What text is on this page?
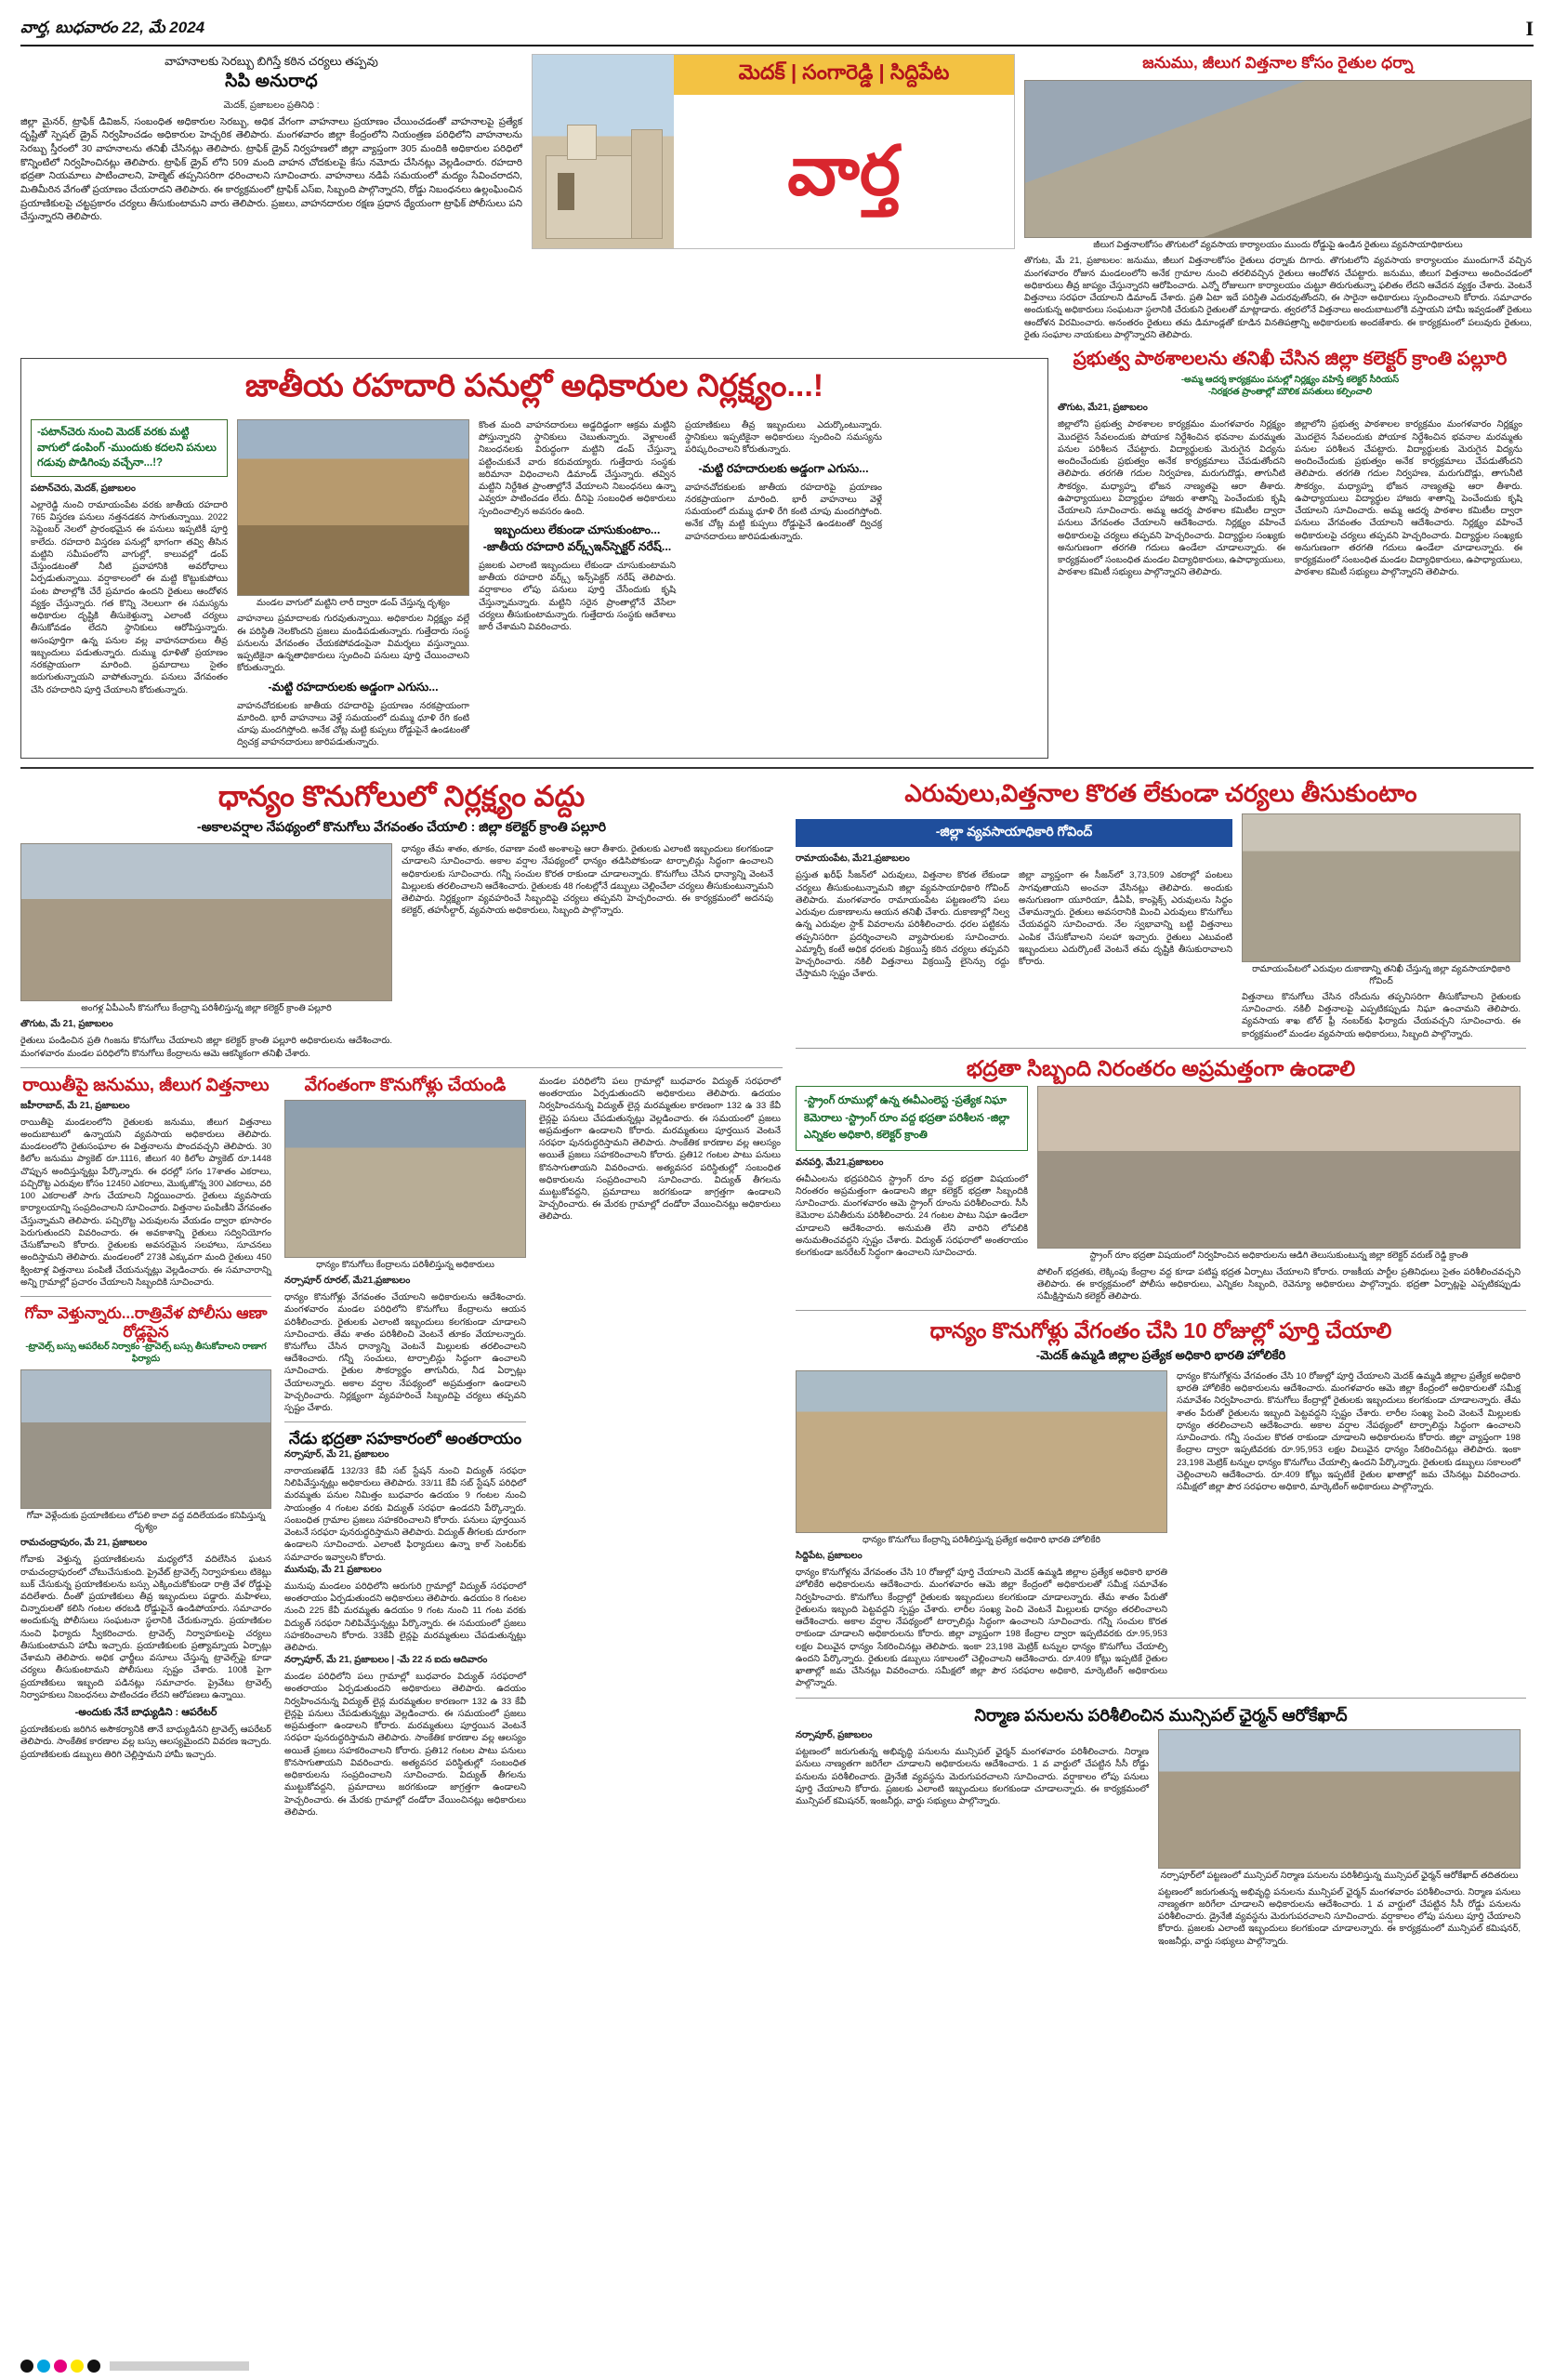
వార్త, బుధవారం 22, మే 2024	I
వాహనాలకు సెరబ్బు బిగిస్తే కఠిన చర్యలు తప్పవు
సిపి అనురాధ
మెదక్, ప్రజాబలం ప్రతినిధి :
జిల్లా మైనర్, ట్రాఫిక్ డివిజన్, సంబంధిత అధికారుల సెరబ్బు, అధిక వేగంగా వాహనాలు ప్రయాణం చేయించడంతో వాహనాలపై ప్రత్యేక దృష్టితో స్పెషల్ డ్రైవ్ నిర్వహించడం అధికారుల హెచ్చరిక తెలిపారు. మంగళవారం జిల్లా కేంద్రంలోని నియంత్రణ పరిధిలోని వాహనాలను సెరబ్బు స్తీరంలో 30 వాహనాలను తనిఖీ చేసినట్లు తెలిపారు. ట్రాఫిక్ డ్రైవ్ నిర్వహణలో జిల్లా వ్యాప్తంగా 305 మందికి అధికారుల పరిధిలో కొన్నింటిలో నిర్వహించినట్లు తెలిపారు. ట్రాఫిక్ డ్రైవ్ లోని 509 మంది వాహన చోదకులపై కేసు నమోదు చేసినట్లు వెల్లడించారు. రహదారి భద్రతా నియమాలు పాటించాలని, హెల్మెట్ తప్పనిసరిగా ధరించాలని సూచించారు. వాహనాలు నడిపే సమయంలో మద్యం సేవించరాదని, మితిమీరిన వేగంతో ప్రయాణం చేయరాదని తెలిపారు. ఈ కార్యక్రమంలో ట్రాఫిక్ ఎస్ఐ, సిబ్బంది పాల్గొన్నారని, రోడ్డు నిబంధనలు ఉల్లంఘించిన ప్రయాణికులపై చట్టప్రకారం చర్యలు తీసుకుంటామని వారు తెలిపారు. ప్రజలు, వాహనదారుల రక్షణ ప్రధాన ధ్యేయంగా ట్రాఫిక్ పోలీసులు పని చేస్తున్నారని తెలిపారు.
మెదక్ | సంగారెడ్డి | సిద్దిపేట
వార్త
జనుము, జీలుగ విత్తనాల కోసం రైతుల ధర్నా
జీలుగ విత్తనాలకోసం తొగుటలో వ్యవసాయ కార్యాలయం ముందు రోడ్డుపై ఉండిన రైతులు వ్యవసాయాధికారులు
తొగుట, మే 21, ప్రజాబలం: జనుము, జీలుగ విత్తనాలకోసం రైతులు ధర్నాకు దిగారు. తొగుటలోని వ్యవసాయ కార్యాలయం ముందుగానే వచ్చిన మంగళవారం రోజున మండలంలోని అనేక గ్రామాల నుంచి తరలివచ్చిన రైతులు ఆందోళన చేపట్టారు. జనుము, జీలుగ విత్తనాలు అందించడంలో అధికారులు తీవ్ర జాప్యం చేస్తున్నారని ఆరోపించారు. ఎన్నో రోజులుగా కార్యాలయం చుట్టూ తిరుగుతున్నా ఫలితం లేదని ఆవేదన వ్యక్తం చేశారు. వెంటనే విత్తనాలు సరఫరా చేయాలని డిమాండ్ చేశారు. ప్రతి ఏటా ఇదే పరిస్థితి ఎదురవుతోందని, ఈ సారైనా అధికారులు స్పందించాలని కోరారు. సమాచారం అందుకున్న అధికారులు సంఘటనా స్థలానికి చేరుకుని రైతులతో మాట్లాడారు. త్వరలోనే విత్తనాలు అందుబాటులోకి వస్తాయని హామీ ఇవ్వడంతో రైతులు ఆందోళన విరమించారు. అనంతరం రైతులు తమ డిమాండ్లతో కూడిన వినతిపత్రాన్ని అధికారులకు అందజేశారు. ఈ కార్యక్రమంలో పలువురు రైతులు, రైతు సంఘాల నాయకులు పాల్గొన్నారని తెలిపారు.
జాతీయ రహదారి పనుల్లో అధికారుల నిర్లక్ష్యం...!
-పటాన్‌చెరు నుంచి మెదక్ వరకు మట్టి వాగులో డంపింగ్ -ముందుకు కదలని పనులు గడువు పొడిగింపు వచ్చేనా...!?
పటాన్‌చెరు, మెదక్, ప్రజాబలం
ఎల్లారెడ్డి నుంచి రామాయంపేట వరకు జాతీయ రహదారి 765 విస్తరణ పనులు నత్తనడకన సాగుతున్నాయి. 2022 సెప్టెంబర్ నెలలో ప్రారంభమైన ఈ పనులు ఇప్పటికీ పూర్తి కాలేదు. రహదారి విస్తరణ పనుల్లో భాగంగా తవ్వి తీసిన మట్టిని సమీపంలోని వాగుల్లో, కాలువల్లో డంప్ చేస్తుండటంతో నీటి ప్రవాహానికి అవరోధాలు ఏర్పడుతున్నాయి. వర్షాకాలంలో ఈ మట్టి కొట్టుకుపోయి పంట పొలాల్లోకి చేరే ప్రమాదం ఉందని రైతులు ఆందోళన వ్యక్తం చేస్తున్నారు. గత కొన్ని నెలలుగా ఈ సమస్యను అధికారుల దృష్టికి తీసుకెళ్తున్నా ఎలాంటి చర్యలు తీసుకోవడం లేదని స్థానికులు ఆరోపిస్తున్నారు. అసంపూర్తిగా ఉన్న పనుల వల్ల వాహనదారులు తీవ్ర ఇబ్బందులు పడుతున్నారు. దుమ్ము ధూళితో ప్రయాణం నరకప్రాయంగా మారింది. ప్రమాదాలు సైతం జరుగుతున్నాయని వాపోతున్నారు. పనులు వేగవంతం చేసి రహదారిని పూర్తి చేయాలని కోరుతున్నారు.
మండల వాగులో మట్టిని లారీ ద్వారా డంప్ చేస్తున్న దృశ్యం
వాహనాలు ప్రమాదాలకు గురవుతున్నాయి. అధికారుల నిర్లక్ష్యం వల్లే ఈ పరిస్థితి నెలకొందని ప్రజలు మండిపడుతున్నారు. గుత్తేదారు సంస్థ పనులను వేగవంతం చేయకపోవడంపైనా విమర్శలు వస్తున్నాయి. ఇప్పటికైనా ఉన్నతాధికారులు స్పందించి పనులు పూర్తి చేయించాలని కోరుతున్నారు.
-మట్టి రహదారులకు అడ్డంగా ఎగుసు...
వాహనచోదకులకు జాతీయ రహదారిపై ప్రయాణం నరకప్రాయంగా మారింది. భారీ వాహనాలు వెళ్లే సమయంలో దుమ్ము ధూళి రేగి కంటి చూపు మందగిస్తోంది. అనేక చోట్ల మట్టి కుప్పలు రోడ్డుపైనే ఉండటంతో ద్విచక్ర వాహనదారులు జారిపడుతున్నారు.
కొంత మంది వాహనదారులు అడ్డదిడ్డంగా ఆక్రమ మట్టిని పోస్తున్నారని స్థానికులు చెబుతున్నారు. వెళ్లాలంటే నిబంధనలకు విరుద్ధంగా మట్టిని డంప్ చేస్తున్నా పట్టించుకునే వారు కరువయ్యారు. గుత్తేదారు సంస్థకు జరిమానా విధించాలని డిమాండ్ చేస్తున్నారు. తవ్విన మట్టిని నిర్దేశిత ప్రాంతాల్లోనే వేయాలని నిబంధనలు ఉన్నా ఎవ్వరూ పాటించడం లేదు. దీనిపై సంబంధిత అధికారులు స్పందించాల్సిన అవసరం ఉంది.
ఇబ్బందులు లేకుండా చూసుకుంటాం... -జాతీయ రహదారి వర్క్స్‌ఇన్‌స్పెక్టర్ నరేష్...
ప్రజలకు ఎలాంటి ఇబ్బందులు లేకుండా చూసుకుంటామని జాతీయ రహదారి వర్క్స్ ఇన్స్‌పెక్టర్ నరేష్ తెలిపారు. వర్షాకాలం లోపు పనులు పూర్తి చేసేందుకు కృషి చేస్తున్నామన్నారు. మట్టిని సరైన ప్రాంతాల్లోనే వేసేలా చర్యలు తీసుకుంటామన్నారు. గుత్తేదారు సంస్థకు ఆదేశాలు జారీ చేశామని వివరించారు.
ప్రయాణికులు తీవ్ర ఇబ్బందులు ఎదుర్కొంటున్నారు. స్థానికులు ఇప్పటికైనా అధికారులు స్పందించి సమస్యను పరిష్కరించాలని కోరుతున్నారు.
-మట్టి రహదారులకు అడ్డంగా ఎగుసు...
వాహనచోదకులకు జాతీయ రహదారిపై ప్రయాణం నరకప్రాయంగా మారింది. భారీ వాహనాలు వెళ్లే సమయంలో దుమ్ము ధూళి రేగి కంటి చూపు మందగిస్తోంది. అనేక చోట్ల మట్టి కుప్పలు రోడ్డుపైనే ఉండటంతో ద్విచక్ర వాహనదారులు జారిపడుతున్నారు.
ప్రభుత్వ పాఠశాలలను తనిఖీ చేసిన జిల్లా కలెక్టర్ క్రాంతి పల్లూరి
-అమ్మ ఆదర్శ కార్యక్రమం పనుల్లో నిర్లక్ష్యం వహిస్తే కలెక్టర్ సీరియస్
-నిరక్షరత ప్రాంతాల్లో మౌలిక వసతులు కల్పించాలి
తొగుట, మే21, ప్రజాబలం
జిల్లాలోని ప్రభుత్వ పాఠశాలల కార్యక్రమం మంగళవారం నిర్లక్ష్యం మొదలైన సేవలందుకు పోయాక నిర్దేశించిన భవనాల మరమ్మతు పనుల పరిశీలన చేపట్టారు. విద్యార్థులకు మెరుగైన విద్యను అందించేందుకు ప్రభుత్వం అనేక కార్యక్రమాలు చేపడుతోందని తెలిపారు. తరగతి గదుల నిర్వహణ, మరుగుదొడ్లు, తాగునీటి సౌకర్యం, మధ్యాహ్న భోజన నాణ్యతపై ఆరా తీశారు. ఉపాధ్యాయులు విద్యార్థుల హాజరు శాతాన్ని పెంచేందుకు కృషి చేయాలని సూచించారు. అమ్మ ఆదర్శ పాఠశాల కమిటీల ద్వారా పనులు వేగవంతం చేయాలని ఆదేశించారు. నిర్లక్ష్యం వహించే అధికారులపై చర్యలు తప్పవని హెచ్చరించారు. విద్యార్థుల సంఖ్యకు అనుగుణంగా తరగతి గదులు ఉండేలా చూడాలన్నారు. ఈ కార్యక్రమంలో సంబంధిత మండల విద్యాధికారులు, ఉపాధ్యాయులు, పాఠశాల కమిటీ సభ్యులు పాల్గొన్నారని తెలిపారు.
జిల్లాలోని ప్రభుత్వ పాఠశాలల కార్యక్రమం మంగళవారం నిర్లక్ష్యం మొదలైన సేవలందుకు పోయాక నిర్దేశించిన భవనాల మరమ్మతు పనుల పరిశీలన చేపట్టారు. విద్యార్థులకు మెరుగైన విద్యను అందించేందుకు ప్రభుత్వం అనేక కార్యక్రమాలు చేపడుతోందని తెలిపారు. తరగతి గదుల నిర్వహణ, మరుగుదొడ్లు, తాగునీటి సౌకర్యం, మధ్యాహ్న భోజన నాణ్యతపై ఆరా తీశారు. ఉపాధ్యాయులు విద్యార్థుల హాజరు శాతాన్ని పెంచేందుకు కృషి చేయాలని సూచించారు. అమ్మ ఆదర్శ పాఠశాల కమిటీల ద్వారా పనులు వేగవంతం చేయాలని ఆదేశించారు. నిర్లక్ష్యం వహించే అధికారులపై చర్యలు తప్పవని హెచ్చరించారు. విద్యార్థుల సంఖ్యకు అనుగుణంగా తరగతి గదులు ఉండేలా చూడాలన్నారు. ఈ కార్యక్రమంలో సంబంధిత మండల విద్యాధికారులు, ఉపాధ్యాయులు, పాఠశాల కమిటీ సభ్యులు పాల్గొన్నారని తెలిపారు.
ధాన్యం కొనుగోలులో నిర్లక్ష్యం వద్దు
-అకాలవర్షాల నేపథ్యంలో కొనుగోలు వేగవంతం చేయాలి : జిల్లా కలెక్టర్ క్రాంతి పల్లూరి
అంగళ్ల ఏపీఎంసీ కొనుగోలు కేంద్రాన్ని పరిశీలిస్తున్న జిల్లా కలెక్టర్ క్రాంతి పల్లూరి
తొగుట, మే 21, ప్రజాబలం
రైతులు పండించిన ప్రతి గింజను కొనుగోలు చేయాలని జిల్లా కలెక్టర్ క్రాంతి పల్లూరి అధికారులను ఆదేశించారు. మంగళవారం మండల పరిధిలోని కొనుగోలు కేంద్రాలను ఆమె ఆకస్మికంగా తనిఖీ చేశారు.
ధాన్యం తేమ శాతం, తూకం, రవాణా వంటి అంశాలపై ఆరా తీశారు. రైతులకు ఎలాంటి ఇబ్బందులు కలగకుండా చూడాలని సూచించారు. అకాల వర్షాల నేపథ్యంలో ధాన్యం తడిసిపోకుండా టార్పాలిన్లు సిద్ధంగా ఉంచాలని అధికారులకు సూచించారు. గన్నీ సంచుల కొరత రాకుండా చూడాలన్నారు. కొనుగోలు చేసిన ధాన్యాన్ని వెంటనే మిల్లులకు తరలించాలని ఆదేశించారు. రైతులకు 48 గంటల్లోనే డబ్బులు చెల్లించేలా చర్యలు తీసుకుంటున్నామని తెలిపారు. నిర్లక్ష్యంగా వ్యవహరించే సిబ్బందిపై చర్యలు తప్పవని హెచ్చరించారు. ఈ కార్యక్రమంలో అదనపు కలెక్టర్, తహసీల్దార్, వ్యవసాయ అధికారులు, సిబ్బంది పాల్గొన్నారు.
రాయితీపై జనుము, జీలుగ విత్తనాలు
జహీరాబాద్, మే 21, ప్రజాబలం
రాయితీపై మండలంలోని రైతులకు జనుము, జీలుగ విత్తనాలు అందుబాటులో ఉన్నాయని వ్యవసాయ అధికారులు తెలిపారు. మండలంలోని రైతుసంఘాల ఈ విత్తనాలను పొందవచ్చని తెలిపారు. 30 కిలోల జనుము ప్యాకెట్ రూ.1116, జీలుగ 40 కిలోల ప్యాకెట్ రూ.1448 చొప్పున అందిస్తున్నట్లు పేర్కొన్నారు. ఈ ధరల్లో సగం 17శాతం ఎకరాలు, పచ్చిరొట్ట ఎరువుల కోసం 12450 ఎకరాలు, మొక్కజొన్న 300 ఎకరాలు, వరి 100 ఎకరాలతో సాగు చేయాలని నిర్ణయించారు. రైతులు వ్యవసాయ కార్యాలయాన్ని సంప్రదించాలని సూచించారు. విత్తనాల పంపిణీని వేగవంతం చేస్తున్నామని తెలిపారు. పచ్చిరొట్ట ఎరువులను వేయడం ద్వారా భూసారం పెరుగుతుందని వివరించారు. ఈ అవకాశాన్ని రైతులు సద్వినియోగం చేసుకోవాలని కోరారు. రైతులకు అవసరమైన సలహాలు, సూచనలు అందిస్తామని తెలిపారు. మండలంలో 273కి ఎక్కువగా మంది రైతులు 450 క్వింటాళ్ల విత్తనాలు పంపిణీ చేయనున్నట్లు వెల్లడించారు. ఈ సమాచారాన్ని అన్ని గ్రామాల్లో ప్రచారం చేయాలని సిబ్బందికి సూచించారు.
గోవా వెళ్తున్నారు...రాత్రివేళ పోలీసు ఆణా రోడ్లపైన
-ట్రావెల్స్ బస్సు ఆపరేటర్ నిర్వాకం -ట్రావెల్స్ బస్సు తీసుకోవాలని రాణాగ ఫిర్యాదు
గోవా వెళ్లేందుకు ప్రయాణికులు లోపలి కాలా వద్ద వదిలేయడం కనిపిస్తున్న దృశ్యం
రామచంద్రాపురం, మే 21, ప్రజాబలం
గోవాకు వెళ్తున్న ప్రయాణికులను మధ్యలోనే వదిలేసిన ఘటన రామచంద్రాపురంలో చోటుచేసుకుంది. ప్రైవేట్ ట్రావెల్స్ నిర్వాహకులు టికెట్లు బుక్ చేసుకున్న ప్రయాణికులను బస్సు ఎక్కించుకోకుండా రాత్రి వేళ రోడ్డుపై వదిలేశారు. దీంతో ప్రయాణికులు తీవ్ర ఇబ్బందులు పడ్డారు. మహిళలు, చిన్నారులతో కలిసి గంటల తరబడి రోడ్డుపైనే ఉండిపోయారు. సమాచారం అందుకున్న పోలీసులు సంఘటనా స్థలానికి చేరుకున్నారు. ప్రయాణికుల నుంచి ఫిర్యాదు స్వీకరించారు. ట్రావెల్స్ నిర్వాహకులపై చర్యలు తీసుకుంటామని హామీ ఇచ్చారు. ప్రయాణికులకు ప్రత్యామ్నాయ ఏర్పాట్లు చేశామని తెలిపారు. అధిక ఛార్జీలు వసూలు చేస్తున్న ట్రావెల్స్‌పై కూడా చర్యలు తీసుకుంటామని పోలీసులు స్పష్టం చేశారు. 100కి పైగా ప్రయాణికులు ఇబ్బంది పడినట్లు సమాచారం. ప్రైవేటు ట్రావెల్స్ నిర్వాహకులు నిబంధనలు పాటించడం లేదని ఆరోపణలు ఉన్నాయి.
-అందుకు నేనే బాధ్యుడిని : ఆపరేటర్
ప్రయాణికులకు జరిగిన అసౌకర్యానికి తానే బాధ్యుడినని ట్రావెల్స్ ఆపరేటర్ తెలిపారు. సాంకేతిక కారణాల వల్ల బస్సు ఆలస్యమైందని వివరణ ఇచ్చారు. ప్రయాణికులకు డబ్బులు తిరిగి చెల్లిస్తామని హామీ ఇచ్చారు.
వేగంతంగా కొనుగోళ్లు చేయండి
ధాన్యం కొనుగోలు కేంద్రాలను పరిశీలిస్తున్న అధికారులు
నర్సాపూర్ రూరల్, మే21,ప్రజాబలం
ధాన్యం కొనుగోళ్లు వేగవంతం చేయాలని అధికారులను ఆదేశించారు. మంగళవారం మండల పరిధిలోని కొనుగోలు కేంద్రాలను ఆయన పరిశీలించారు. రైతులకు ఎలాంటి ఇబ్బందులు కలగకుండా చూడాలని సూచించారు. తేమ శాతం పరిశీలించి వెంటనే తూకం వేయాలన్నారు. కొనుగోలు చేసిన ధాన్యాన్ని వెంటనే మిల్లులకు తరలించాలని ఆదేశించారు. గన్నీ సంచులు, టార్పాలిన్లు సిద్ధంగా ఉంచాలని సూచించారు. రైతుల సౌకర్యార్థం తాగునీరు, నీడ ఏర్పాట్లు చేయాలన్నారు. అకాల వర్షాల నేపథ్యంలో అప్రమత్తంగా ఉండాలని హెచ్చరించారు. నిర్లక్ష్యంగా వ్యవహరించే సిబ్బందిపై చర్యలు తప్పవని స్పష్టం చేశారు.
నేడు భద్రతా సహకారంలో అంతరాయం
నర్సాపూర్, మే 21, ప్రజాబలం
నారాయణఖేడ్ 132/33 కేవీ సబ్ స్టేషన్ నుంచి విద్యుత్ సరఫరా నిలిపివేస్తున్నట్లు అధికారులు తెలిపారు. 33/11 కేవీ సబ్ స్టేషన్ పరిధిలో మరమ్మతు పనుల నిమిత్తం బుధవారం ఉదయం 9 గంటల నుంచి సాయంత్రం 4 గంటల వరకు విద్యుత్ సరఫరా ఉండదని పేర్కొన్నారు. సంబంధిత గ్రామాల ప్రజలు సహకరించాలని కోరారు. పనులు పూర్తయిన వెంటనే సరఫరా పునరుద్ధరిస్తామని తెలిపారు. విద్యుత్ తీగలకు దూరంగా ఉండాలని సూచించారు. ఎలాంటి ఫిర్యాదులు ఉన్నా కాల్ సెంటర్‌కు సమాచారం ఇవ్వాలని కోరారు.
మునుపు, మే 21 ప్రజాబలం
మునుపు మండలం పరిధిలోని ఆరుగురి గ్రామాల్లో విద్యుత్ సరఫరాలో అంతరాయం ఏర్పడుతుందని అధికారులు తెలిపారు. ఉదయం 8 గంటల నుంచి 225 కేవీ మరమ్మతు ఉదయం 9 గంట నుంచి 11 గంట వరకు విద్యుత్ సరఫరా నిలిపివేస్తున్నట్లు పేర్కొన్నారు. ఈ సమయంలో ప్రజలు సహకరించాలని కోరారు. 33కేవీ లైన్లపై మరమ్మతులు చేపడుతున్నట్లు తెలిపారు.
నర్సాపూర్, మే 21, ప్రజాబలం | -మే 22 న ఐదు ఆదివారం
మండల పరిధిలోని పలు గ్రామాల్లో బుధవారం విద్యుత్ సరఫరాలో అంతరాయం ఏర్పడుతుందని అధికారులు తెలిపారు. ఉదయం నిర్వహించనున్న విద్యుత్ లైన్ల మరమ్మతుల కారణంగా 132 ఉ 33 కేవీ లైన్లపై పనులు చేపడుతున్నట్లు వెల్లడించారు. ఈ సమయంలో ప్రజలు అప్రమత్తంగా ఉండాలని కోరారు. మరమ్మతులు పూర్తయిన వెంటనే సరఫరా పునరుద్ధరిస్తామని తెలిపారు. సాంకేతిక కారణాల వల్ల ఆలస్యం అయితే ప్రజలు సహకరించాలని కోరారు. ప్రతి12 గంటల పాటు పనులు కొనసాగుతాయని వివరించారు. అత్యవసర పరిస్థితుల్లో సంబంధిత అధికారులను సంప్రదించాలని సూచించారు. విద్యుత్ తీగలను ముట్టుకోవద్దని, ప్రమాదాలు జరగకుండా జాగ్రత్తగా ఉండాలని హెచ్చరించారు. ఈ మేరకు గ్రామాల్లో దండోరా వేయించినట్లు అధికారులు తెలిపారు.
మండల పరిధిలోని పలు గ్రామాల్లో బుధవారం విద్యుత్ సరఫరాలో అంతరాయం ఏర్పడుతుందని అధికారులు తెలిపారు. ఉదయం నిర్వహించనున్న విద్యుత్ లైన్ల మరమ్మతుల కారణంగా 132 ఉ 33 కేవీ లైన్లపై పనులు చేపడుతున్నట్లు వెల్లడించారు. ఈ సమయంలో ప్రజలు అప్రమత్తంగా ఉండాలని కోరారు. మరమ్మతులు పూర్తయిన వెంటనే సరఫరా పునరుద్ధరిస్తామని తెలిపారు. సాంకేతిక కారణాల వల్ల ఆలస్యం అయితే ప్రజలు సహకరించాలని కోరారు. ప్రతి12 గంటల పాటు పనులు కొనసాగుతాయని వివరించారు. అత్యవసర పరిస్థితుల్లో సంబంధిత అధికారులను సంప్రదించాలని సూచించారు. విద్యుత్ తీగలను ముట్టుకోవద్దని, ప్రమాదాలు జరగకుండా జాగ్రత్తగా ఉండాలని హెచ్చరించారు. ఈ మేరకు గ్రామాల్లో దండోరా వేయించినట్లు అధికారులు తెలిపారు.
ఎరువులు,విత్తనాల కొరత లేకుండా చర్యలు తీసుకుంటాం
-జిల్లా వ్యవసాయాధికారి గోవింద్
రామాయంపేట, మే21,ప్రజాబలం
ప్రస్తుత ఖరీఫ్ సీజన్‌లో ఎరువులు, విత్తనాల కొరత లేకుండా చర్యలు తీసుకుంటున్నామని జిల్లా వ్యవసాయాధికారి గోవింద్ తెలిపారు. మంగళవారం రామాయంపేట పట్టణంలోని పలు ఎరువుల దుకాణాలను ఆయన తనిఖీ చేశారు. దుకాణాల్లో నిల్వ ఉన్న ఎరువుల స్టాక్ వివరాలను పరిశీలించారు. ధరల పట్టికను తప్పనిసరిగా ప్రదర్శించాలని వ్యాపారులకు సూచించారు. ఎమ్మార్పీ కంటే అధిక ధరలకు విక్రయిస్తే కఠిన చర్యలు తప్పవని హెచ్చరించారు. నకిలీ విత్తనాలు విక్రయిస్తే లైసెన్సు రద్దు చేస్తామని స్పష్టం చేశారు.
జిల్లా వ్యాప్తంగా ఈ సీజన్‌లో 3,73,509 ఎకరాల్లో పంటలు సాగవుతాయని అంచనా వేసినట్లు తెలిపారు. అందుకు అనుగుణంగా యూరియా, డీఏపీ, కాంప్లెక్స్ ఎరువులను సిద్ధం చేశామన్నారు. రైతులు అవసరానికి మించి ఎరువులు కొనుగోలు చేయవద్దని సూచించారు. నేల స్వభావాన్ని బట్టి విత్తనాలు ఎంపిక చేసుకోవాలని సలహా ఇచ్చారు. రైతులు ఎటువంటి ఇబ్బందులు ఎదుర్కొంటే వెంటనే తమ దృష్టికి తీసుకురావాలని కోరారు.
రామాయంపేటలో ఎరువుల దుకాణాన్ని తనిఖీ చేస్తున్న జిల్లా వ్యవసాయాధికారి గోవింద్
విత్తనాలు కొనుగోలు చేసిన రసీదును తప్పనిసరిగా తీసుకోవాలని రైతులకు సూచించారు. నకిలీ విత్తనాలపై ఎప్పటికప్పుడు నిఘా ఉంచామని తెలిపారు. వ్యవసాయ శాఖ టోల్ ఫ్రీ నంబర్‌కు ఫిర్యాదు చేయవచ్చని సూచించారు. ఈ కార్యక్రమంలో మండల వ్యవసాయ అధికారులు, సిబ్బంది పాల్గొన్నారు.
భద్రతా సిబ్బంది నిరంతరం అప్రమత్తంగా ఉండాలి
-స్ట్రాంగ్ రూముల్లో ఉన్న ఈవీఎంలెస్ట -ప్రత్యేక నిఘా కెమెరాలు -స్ట్రాంగ్ రూం వద్ద భద్రతా పరిశీలన -జిల్లా ఎన్నికల అధికారి, కలెక్టర్ క్రాంతి
వనపర్తి, మే21,ప్రజాబలం
ఈవీఎంలను భద్రపరిచిన స్ట్రాంగ్ రూం వద్ద భద్రతా విషయంలో నిరంతరం అప్రమత్తంగా ఉండాలని జిల్లా కలెక్టర్ భద్రతా సిబ్బందికి సూచించారు. మంగళవారం ఆమె స్ట్రాంగ్ రూంను పరిశీలించారు. సీసీ కెమెరాల పనితీరును పరిశీలించారు. 24 గంటల పాటు నిఘా ఉండేలా చూడాలని ఆదేశించారు. అనుమతి లేని వారిని లోపలికి అనుమతించవద్దని స్పష్టం చేశారు. విద్యుత్ సరఫరాలో అంతరాయం కలగకుండా జనరేటర్ సిద్ధంగా ఉంచాలని సూచించారు.	స్ట్రాంగ్ రూం భద్రతా విషయంలో నిర్వహించిన అధికారులను ఆడిగి తెలుసుకుంటున్న జిల్లా కలెక్టర్ వరుణ్ రెడ్డి క్రాంతి
పోలింగ్ భద్రతకు, లెక్కింపు కేంద్రాల వద్ద కూడా పటిష్ట భద్రత ఏర్పాటు చేయాలని కోరారు. రాజకీయ పార్టీల ప్రతినిధులు సైతం పరిశీలించవచ్చని తెలిపారు. ఈ కార్యక్రమంలో పోలీసు అధికారులు, ఎన్నికల సిబ్బంది, రెవెన్యూ అధికారులు పాల్గొన్నారు. భద్రతా ఏర్పాట్లపై ఎప్పటికప్పుడు సమీక్షిస్తామని కలెక్టర్ తెలిపారు.
ధాన్యం కొనుగోళ్లు వేగంతం చేసి 10 రోజుల్లో పూర్తి చేయాలి
-మెదక్ ఉమ్మడి జిల్లాల ప్రత్యేక అధికారి భారతి హోలికేరి
ధాన్యం కొనుగోలు కేంద్రాన్ని పరిశీలిస్తున్న ప్రత్యేక అధికారి భారతి హోలికేరి
సిద్దిపేట, ప్రజాబలం
ధాన్యం కొనుగోళ్లను వేగవంతం చేసి 10 రోజుల్లో పూర్తి చేయాలని మెదక్ ఉమ్మడి జిల్లాల ప్రత్యేక అధికారి భారతి హోలికేరి అధికారులను ఆదేశించారు. మంగళవారం ఆమె జిల్లా కేంద్రంలో అధికారులతో సమీక్ష సమావేశం నిర్వహించారు. కొనుగోలు కేంద్రాల్లో రైతులకు ఇబ్బందులు కలగకుండా చూడాలన్నారు. తేమ శాతం పేరుతో రైతులను ఇబ్బంది పెట్టవద్దని స్పష్టం చేశారు. లారీల సంఖ్య పెంచి వెంటనే మిల్లులకు ధాన్యం తరలించాలని ఆదేశించారు. అకాల వర్షాల నేపథ్యంలో టార్పాలిన్లు సిద్ధంగా ఉంచాలని సూచించారు. గన్నీ సంచుల కొరత రాకుండా చూడాలని అధికారులను కోరారు. జిల్లా వ్యాప్తంగా 198 కేంద్రాల ద్వారా ఇప్పటివరకు రూ.95,953 లక్షల విలువైన ధాన్యం సేకరించినట్లు తెలిపారు. ఇంకా 23,198 మెట్రిక్ టన్నుల ధాన్యం కొనుగోలు చేయాల్సి ఉందని పేర్కొన్నారు. రైతులకు డబ్బులు సకాలంలో చెల్లించాలని ఆదేశించారు. రూ.409 కోట్లు ఇప్పటికే రైతుల ఖాతాల్లో జమ చేసినట్లు వివరించారు. సమీక్షలో జిల్లా పౌర సరఫరాల అధికారి, మార్కెటింగ్ అధికారులు పాల్గొన్నారు.
ధాన్యం కొనుగోళ్లను వేగవంతం చేసి 10 రోజుల్లో పూర్తి చేయాలని మెదక్ ఉమ్మడి జిల్లాల ప్రత్యేక అధికారి భారతి హోలికేరి అధికారులను ఆదేశించారు. మంగళవారం ఆమె జిల్లా కేంద్రంలో అధికారులతో సమీక్ష సమావేశం నిర్వహించారు. కొనుగోలు కేంద్రాల్లో రైతులకు ఇబ్బందులు కలగకుండా చూడాలన్నారు. తేమ శాతం పేరుతో రైతులను ఇబ్బంది పెట్టవద్దని స్పష్టం చేశారు. లారీల సంఖ్య పెంచి వెంటనే మిల్లులకు ధాన్యం తరలించాలని ఆదేశించారు. అకాల వర్షాల నేపథ్యంలో టార్పాలిన్లు సిద్ధంగా ఉంచాలని సూచించారు. గన్నీ సంచుల కొరత రాకుండా చూడాలని అధికారులను కోరారు. జిల్లా వ్యాప్తంగా 198 కేంద్రాల ద్వారా ఇప్పటివరకు రూ.95,953 లక్షల విలువైన ధాన్యం సేకరించినట్లు తెలిపారు. ఇంకా 23,198 మెట్రిక్ టన్నుల ధాన్యం కొనుగోలు చేయాల్సి ఉందని పేర్కొన్నారు. రైతులకు డబ్బులు సకాలంలో చెల్లించాలని ఆదేశించారు. రూ.409 కోట్లు ఇప్పటికే రైతుల ఖాతాల్లో జమ చేసినట్లు వివరించారు. సమీక్షలో జిల్లా పౌర సరఫరాల అధికారి, మార్కెటింగ్ అధికారులు పాల్గొన్నారు.
నిర్మాణ పనులను పరిశీలించిన మున్సిపల్ ఛైర్మన్ ఆరోకేఖాద్
నర్సాపూర్, ప్రజాబలం
పట్టణంలో జరుగుతున్న అభివృద్ధి పనులను మున్సిపల్ ఛైర్మన్ మంగళవారం పరిశీలించారు. నిర్మాణ పనులు నాణ్యతగా జరిగేలా చూడాలని అధికారులను ఆదేశించారు. 1 వ వార్డులో చేపట్టిన సీసీ రోడ్డు పనులను పరిశీలించారు. డ్రైనేజీ వ్యవస్థను మెరుగుపరచాలని సూచించారు. వర్షాకాలం లోపు పనులు పూర్తి చేయాలని కోరారు. ప్రజలకు ఎలాంటి ఇబ్బందులు కలగకుండా చూడాలన్నారు. ఈ కార్యక్రమంలో మున్సిపల్ కమిషనర్, ఇంజనీర్లు, వార్డు సభ్యులు పాల్గొన్నారు.
నర్సాపూర్‌లో పట్టణంలో మున్సిపల్ నిర్మాణ పనులను పరిశీలిస్తున్న మున్సిపల్ ఛైర్మన్ ఆరోకేఖాద్ తదితరులు
పట్టణంలో జరుగుతున్న అభివృద్ధి పనులను మున్సిపల్ ఛైర్మన్ మంగళవారం పరిశీలించారు. నిర్మాణ పనులు నాణ్యతగా జరిగేలా చూడాలని అధికారులను ఆదేశించారు. 1 వ వార్డులో చేపట్టిన సీసీ రోడ్డు పనులను పరిశీలించారు. డ్రైనేజీ వ్యవస్థను మెరుగుపరచాలని సూచించారు. వర్షాకాలం లోపు పనులు పూర్తి చేయాలని కోరారు. ప్రజలకు ఎలాంటి ఇబ్బందులు కలగకుండా చూడాలన్నారు. ఈ కార్యక్రమంలో మున్సిపల్ కమిషనర్, ఇంజనీర్లు, వార్డు సభ్యులు పాల్గొన్నారు.
